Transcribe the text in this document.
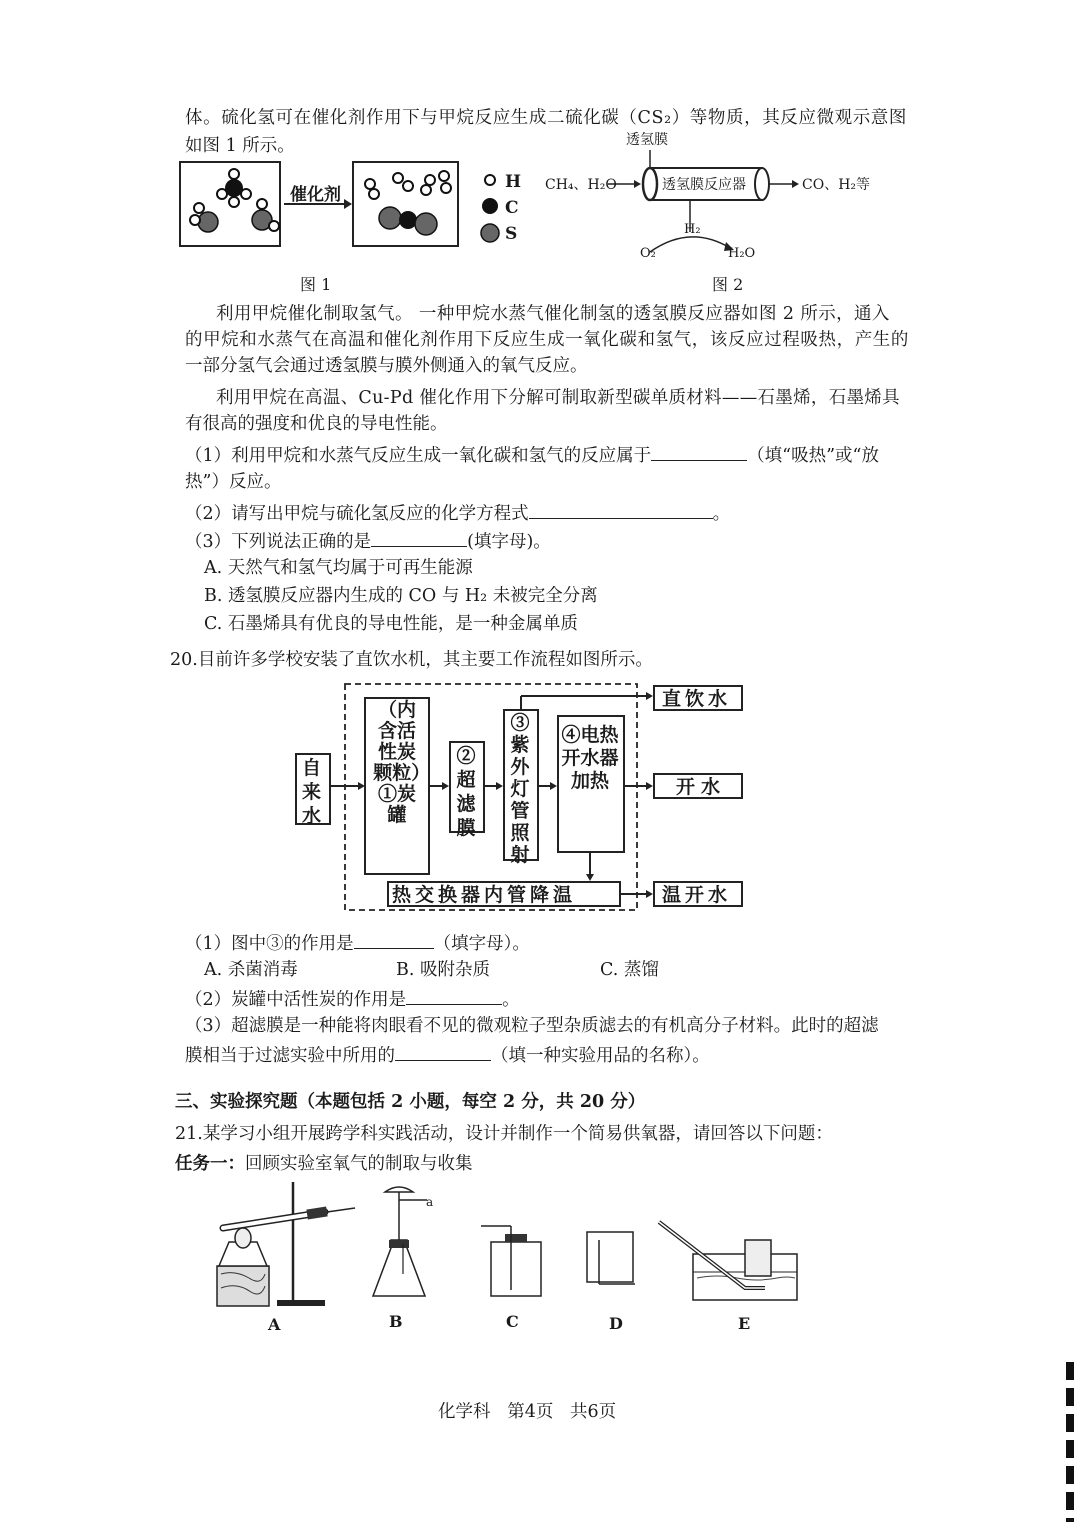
体。硫化氢可在催化剂作用下与甲烷反应生成二硫化碳（CS₂）等物质，其反应微观示意图
如图 1 所示。
催化剂
H
C
S
图 1
透氢膜
CH₄、H₂O	透氢膜反应器	CO、H₂等
H₂
O₂	H₂O
图 2
利用甲烷催化制取氢气。 一种甲烷水蒸气催化制氢的透氢膜反应器如图 2 所示，通入
的甲烷和水蒸气在高温和催化剂作用下反应生成一氧化碳和氢气，该反应过程吸热，产生的
一部分氢气会通过透氢膜与膜外侧通入的氧气反应。
利用甲烷在高温、Cu-Pd 催化作用下分解可制取新型碳单质材料——石墨烯，石墨烯具
有很高的强度和优良的导电性能。
（1）利用甲烷和水蒸气反应生成一氧化碳和氢气的反应属于	（填“吸热”或“放
热”）反应。
（2）请写出甲烷与硫化氢反应的化学方程式	。
（3）下列说法正确的是	(填字母)。
A. 天然气和氢气均属于可再生能源
B. 透氢膜反应器内生成的 CO 与 H₂ 未被完全分离
C. 石墨烯具有优良的导电性能，是一种金属单质
20.目前许多学校安装了直饮水机，其主要工作流程如图所示。
自来水
（内含活性炭颗粒）①炭罐
②超滤膜
③紫外灯管照射
④电热开水器加热
热交换器内管降温
直饮水
开水
温开水
（1）图中③的作用是	（填字母）。
A. 杀菌消毒	B. 吸附杂质	C. 蒸馏
（2）炭罐中活性炭的作用是	。
（3）超滤膜是一种能将肉眼看不见的微观粒子型杂质滤去的有机高分子材料。此时的超滤
膜相当于过滤实验中所用的	（填一种实验用品的名称）。
三、实验探究题（本题包括 2 小题，每空 2 分，共 20 分）
21.某学习小组开展跨学科实践活动，设计并制作一个简易供氧器，请回答以下问题：
任务一：回顾实验室氧气的制取与收集
A	B	C	D	E
a
化学科   第4页   共6页
